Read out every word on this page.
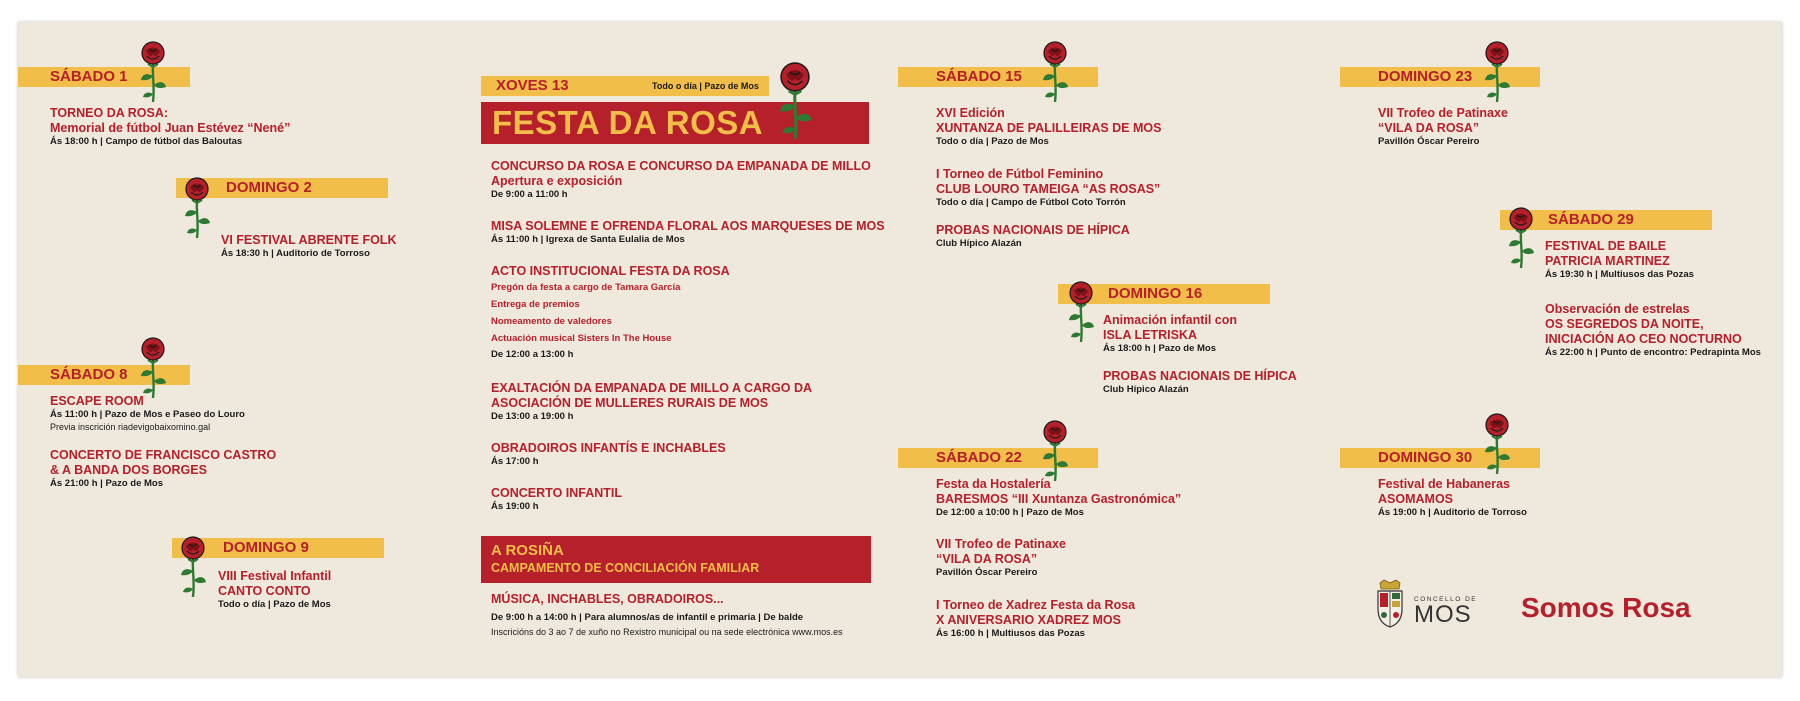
SÁBADO 1
TORNEO DA ROSA:
Memorial de fútbol Juan Estévez “Nené”
Ás 18:00 h | Campo de fútbol das Baloutas
DOMINGO 2
VI FESTIVAL ABRENTE FOLK
Ás 18:30 h | Auditorio de Torroso
SÁBADO 8
ESCAPE ROOM
Ás 11:00 h | Pazo de Mos e Paseo do Louro
Previa inscrición riadevigobaixomino.gal
CONCERTO DE FRANCISCO CASTRO
& A BANDA DOS BORGES
Ás 21:00 h | Pazo de Mos
DOMINGO 9
VIII Festival Infantil
CANTO CONTO
Todo o día | Pazo de Mos
XOVES 13	Todo o día | Pazo de Mos
FESTA DA ROSA
CONCURSO DA ROSA E CONCURSO DA EMPANADA DE MILLO
Apertura e exposición
De 9:00 a 11:00 h
MISA SOLEMNE E OFRENDA FLORAL AOS MARQUESES DE MOS
Ás 11:00 h | Igrexa de Santa Eulalia de Mos
ACTO INSTITUCIONAL FESTA DA ROSA
Pregón da festa a cargo de Tamara García
Entrega de premios
Nomeamento de valedores
Actuación musical Sisters In The House
De 12:00 a 13:00 h
EXALTACIÓN DA EMPANADA DE MILLO A CARGO DA
ASOCIACIÓN DE MULLERES RURAIS DE MOS
De 13:00 a 19:00 h
OBRADOIROS INFANTÍS E INCHABLES
Ás 17:00 h
CONCERTO INFANTIL
Ás 19:00 h
A ROSIÑA
CAMPAMENTO DE CONCILIACIÓN FAMILIAR
MÚSICA, INCHABLES, OBRADOIROS...
De 9:00 h a 14:00 h | Para alumnos/as de infantil e primaria | De balde
Inscricións do 3 ao 7 de xuño no Rexistro municipal ou na sede electrónica www.mos.es
SÁBADO 15
XVI Edición
XUNTANZA DE PALILLEIRAS DE MOS
Todo o día | Pazo de Mos
I Torneo de Fútbol Feminino
CLUB LOURO TAMEIGA “AS ROSAS”
Todo o día | Campo de Fútbol Coto Torrón
PROBAS NACIONAIS DE HÍPICA
Club Hípico Alazán
DOMINGO 16
Animación infantil con
ISLA LETRISKA
Ás 18:00 h | Pazo de Mos
PROBAS NACIONAIS DE HÍPICA
Club Hípico Alazán
SÁBADO 22
Festa da Hostalería
BARESMOS “III Xuntanza Gastronómica”
De 12:00 a 10:00 h | Pazo de Mos
VII Trofeo de Patinaxe
“VILA DA ROSA”
Pavillón Óscar Pereiro
I Torneo de Xadrez Festa da Rosa
X ANIVERSARIO XADREZ MOS
Ás 16:00 h | Multiusos das Pozas
DOMINGO 23
VII Trofeo de Patinaxe
“VILA DA ROSA”
Pavillón Óscar Pereiro
SÁBADO 29
FESTIVAL DE BAILE
PATRICIA MARTINEZ
Ás 19:30 h | Multiusos das Pozas
Observación de estrelas
OS SEGREDOS DA NOITE,
INICIACIÓN AO CEO NOCTURNO
Ás 22:00 h | Punto de encontro: Pedrapinta Mos
DOMINGO 30
Festival de Habaneras
ASOMAMOS
Ás 19:00 h | Auditorio de Torroso
CONCELLO DE
MOS Somos Rosa
